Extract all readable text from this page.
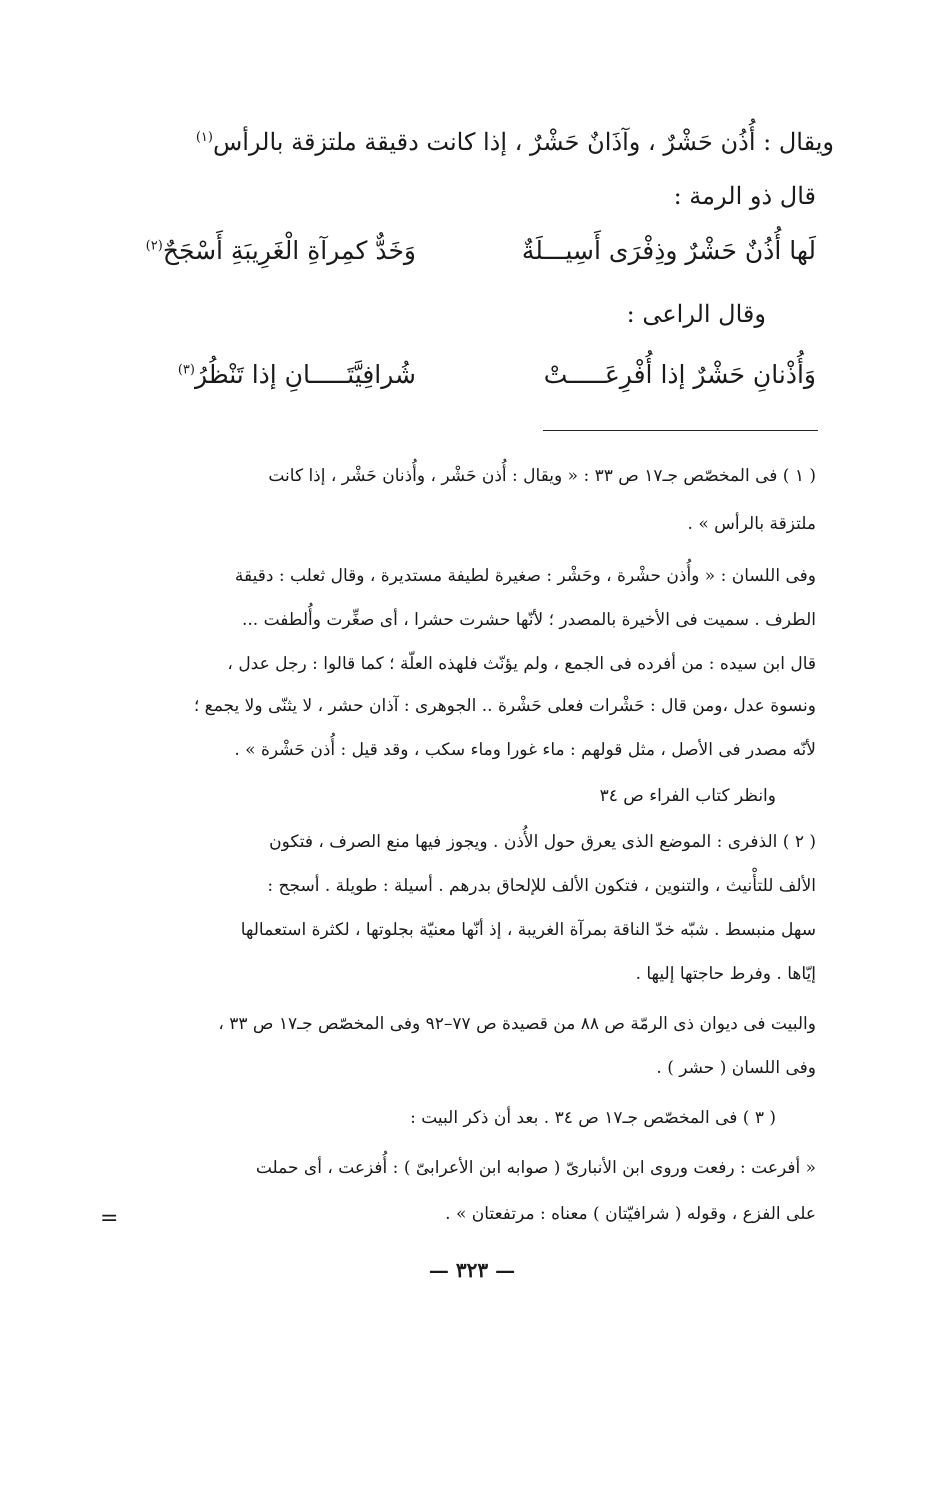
ويقال : أُذُن حَشْرٌ ، وآذَانٌ حَشْرٌ ، إذا كانت دقيقة ملتزقة بالرأس$^{(١)}$
قال ذو الرمة :
لَها أُذُنٌ حَشْرٌ وذِفْرَى أَسِيـــلَةٌ
وَخَدٌّ كمِرآةِ الْغَرِيبَةِ أَسْجَحٌ$^{(٢)}$
وقال الراعى :
وَأُذْنانِ حَشْرٌ إذا أُفْرِعَـــــتْ
شُرافِيَّتَـــــانِ إذا تَنْظُرُ$^{(٣)}$
( ١ ) فى المخصّص جـ١٧ ص ٣٣ : « ويقال : أُذن حَشْر ، وأُذنان حَشْر ، إذا كانت
ملتزقة بالرأس » .
وفى اللسان : « وأُذن حشْرة ، وحَشْر : صغيرة لطيفة مستديرة ، وقال ثعلب : دقيقة
الطرف . سميت فى الأخيرة بالمصدر ؛ لأنّها حشرت حشرا ، أى صغِّرت وأُلطفت ...
قال ابن سيده : من أفرده فى الجمع ، ولم يؤنّث فلهذه العلّة ؛ كما قالوا : رجل عدل ،
ونسوة عدل ،ومن قال : حَشْرات فعلى حَشْرة .. الجوهرى : آذان حشر ، لا يثنّى ولا يجمع ؛
لأنّه مصدر فى الأصل ، مثل قولهم : ماء غورا وماء سكب ، وقد قيل : أُذن حَشْرة » .
وانظر كتاب الفراء ص ٣٤
( ٢ ) الذفرى : الموضع الذى يعرق حول الأُذن . ويجوز فيها منع الصرف ، فتكون
الألف للتأْنيث ، والتنوين ، فتكون الألف للإلحاق بدرهم . أسيلة : طويلة . أسجح :
سهل منبسط . شبّه خدّ الناقة بمرآة الغريبة ، إذ أنّها معنيّة بجلوتها ، لكثرة استعمالها
إيّاها . وفرط حاجتها إليها .
والبيت فى ديوان ذى الرمّة ص ٨٨ من قصيدة ص ٧٧–٩٢ وفى المخصّص جـ١٧ ص ٣٣ ،
وفى اللسان ( حشر ) .
( ٣ ) فى المخصّص جـ١٧ ص ٣٤ . بعد أن ذكر البيت :
« أفرعت : رفعت وروى ابن الأنبارىّ ( صوابه ابن الأعرابىّ ) : أُفزعت ، أى حملت
على الفزع ، وقوله ( شرافيّتان ) معناه : مرتفعتان » .
=
— ٣٢٣ —
